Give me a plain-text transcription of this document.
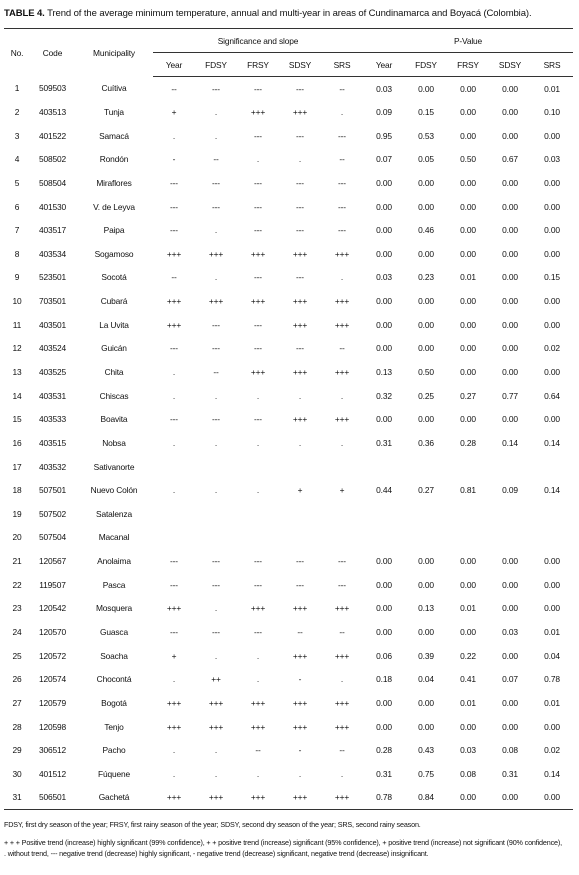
TABLE 4. Trend of the average minimum temperature, annual and multi-year in areas of Cundinamarca and Boyacá (Colombia).
No.	Code	Municipality	Significance and slope					P-Value				
			Year	FDSY	FRSY	SDSY	SRS	Year	FDSY	FRSY	SDSY	SRS
1	509503	Cuítiva	--	---	---	---	--	0.03	0.00	0.00	0.00	0.01
2	403513	Tunja	+	.	+++	+++	.	0.09	0.15	0.00	0.00	0.10
3	401522	Samacá	.	.	---	---	---	0.95	0.53	0.00	0.00	0.00
4	508502	Rondón	-	--	.	.	--	0.07	0.05	0.50	0.67	0.03
5	508504	Miraflores	---	---	---	---	---	0.00	0.00	0.00	0.00	0.00
6	401530	V. de Leyva	---	---	---	---	---	0.00	0.00	0.00	0.00	0.00
7	403517	Paipa	---	.	---	---	---	0.00	0.46	0.00	0.00	0.00
8	403534	Sogamoso	+++	+++	+++	+++	+++	0.00	0.00	0.00	0.00	0.00
9	523501	Socotá	--	.	---	---	.	0.03	0.23	0.01	0.00	0.15
10	703501	Cubará	+++	+++	+++	+++	+++	0.00	0.00	0.00	0.00	0.00
11	403501	La Uvita	+++	---	---	+++	+++	0.00	0.00	0.00	0.00	0.00
12	403524	Guicán	---	---	---	---	--	0.00	0.00	0.00	0.00	0.02
13	403525	Chita	.	--	+++	+++	+++	0.13	0.50	0.00	0.00	0.00
14	403531	Chiscas	.	.	.	.	.	0.32	0.25	0.27	0.77	0.64
15	403533	Boavita	---	---	---	+++	+++	0.00	0.00	0.00	0.00	0.00
16	403515	Nobsa	.	.	.	.	.	0.31	0.36	0.28	0.14	0.14
17	403532	Sativanorte										
18	507501	Nuevo Colón	.	.	.	+	+	0.44	0.27	0.81	0.09	0.14
19	507502	Satalenza										
20	507504	Macanal										
21	120567	Anolaima	---	---	---	---	---	0.00	0.00	0.00	0.00	0.00
22	119507	Pasca	---	---	---	---	---	0.00	0.00	0.00	0.00	0.00
23	120542	Mosquera	+++	.	+++	+++	+++	0.00	0.13	0.01	0.00	0.00
24	120570	Guasca	---	---	---	--	--	0.00	0.00	0.00	0.03	0.01
25	120572	Soacha	+	.	.	+++	+++	0.06	0.39	0.22	0.00	0.04
26	120574	Chocontá	.	++	.	-	.	0.18	0.04	0.41	0.07	0.78
27	120579	Bogotá	+++	+++	+++	+++	+++	0.00	0.00	0.01	0.00	0.01
28	120598	Tenjo	+++	+++	+++	+++	+++	0.00	0.00	0.00	0.00	0.00
29	306512	Pacho	.	.	--	-	--	0.28	0.43	0.03	0.08	0.02
30	401512	Fúquene	.	.	.	.	.	0.31	0.75	0.08	0.31	0.14
31	506501	Gachetá	+++	+++	+++	+++	+++	0.78	0.84	0.00	0.00	0.00
FDSY, first dry season of the year; FRSY, first rainy season of the year; SDSY, second dry season of the year; SRS, second rainy season.
+ + + Positive trend (increase) highly significant (99% confidence), + + positive trend (increase) significant (95% confidence), + positive trend (increase) not significant (90% confidence),
. without trend, --- negative trend (decrease) highly significant, - negative trend (decrease) significant, negative trend (decrease) insignificant.
